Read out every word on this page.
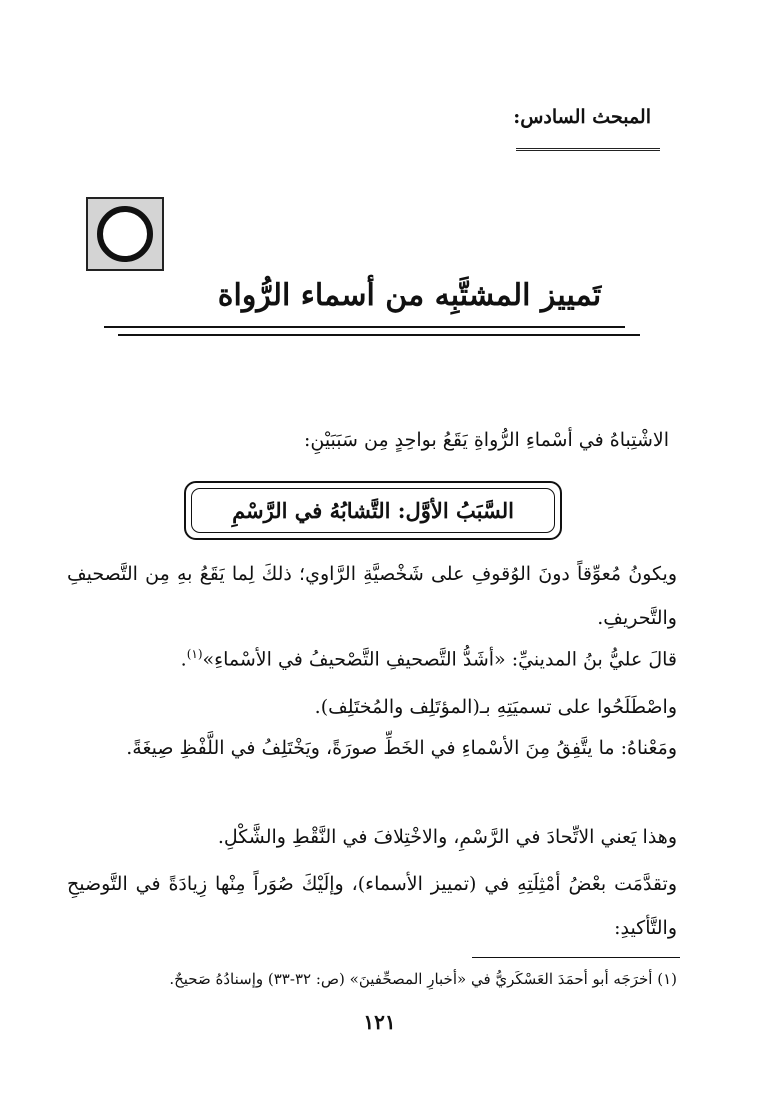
المبحث السادس:
تَمييز المشتَّبِه من أسماء الرُّواة
الاشْتِباهُ في أسْماءِ الرُّواةِ يَقَعُ بواحِدٍ مِن سَبَبَيْنِ:
السَّبَبُ الأوَّل: التَّشابُهُ في الرَّسْمِ
ويكونُ مُعوِّقاً دونَ الوُقوفِ على شَخْصيَّةِ الرَّاوي؛ ذلكَ لِما يَقَعُ بهِ مِن التَّصحيفِ والتَّحريفِ.
قالَ عليُّ بنُ المدينيِّ: «أشَدُّ التَّصحيفِ التَّصْحيفُ في الأسْماءِ»$^{(١)}$.
واصْطَلَحُوا على تسميَتِهِ بـ(المؤتَلِف والمُختَلِف).
ومَعْناهُ: ما يتَّفِقُ مِنَ الأسْماءِ في الخَطِّ صورَةً، ويَخْتَلِفُ في اللَّفْظِ صِيغَةً.
وهذا يَعني الاتِّحادَ في الرَّسْمِ، والاخْتِلافَ في النَّقْطِ والشَّكْلِ.
وتقدَّمَت بعْضُ أمْثِلَتِهِ في (تمييز الأسماء)، وإلَيْكَ صُوَراً مِنْها زِيادَةً في التَّوضيحِ والتَّأكيدِ:
(١) أخرَجَه أبو أحمَدَ العَسْكَريُّ في «أخبارِ المصحِّفينَ» (ص: ٣٢-٣٣) وإسنادُهُ صَحيحٌ.
١٢١
